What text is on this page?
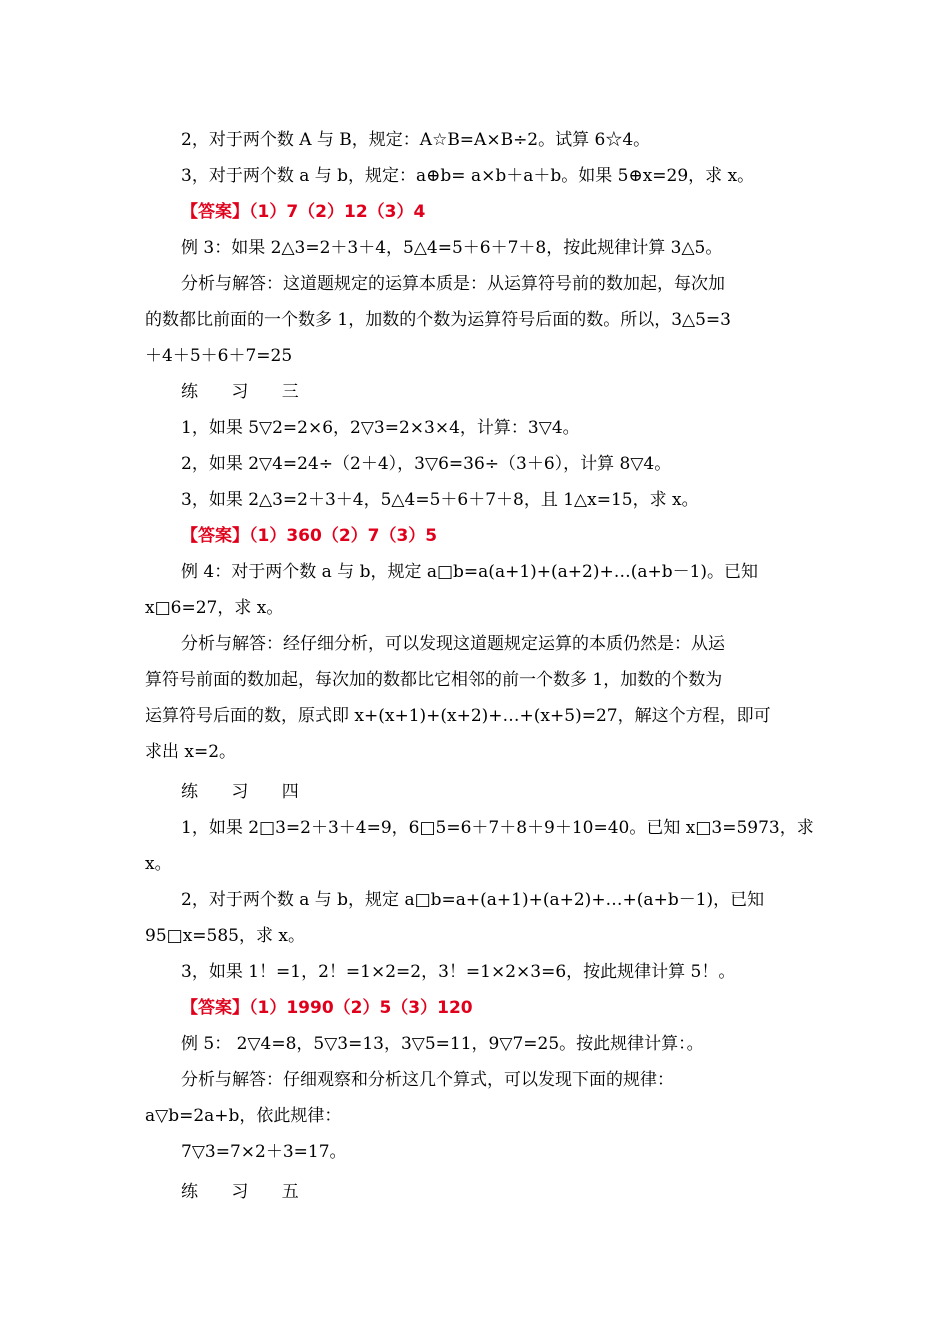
2，对于两个数 A 与 B，规定：A☆B=A×B÷2。试算 6☆4。
3，对于两个数 a 与 b，规定：a⊕b= a×b＋a＋b。如果 5⊕x=29，求 x。
【答案】（1）7（2）12（3）4
例 3：如果 2△3=2＋3＋4，5△4=5＋6＋7＋8，按此规律计算 3△5。
分析与解答：这道题规定的运算本质是：从运算符号前的数加起，每次加
的数都比前面的一个数多 1，加数的个数为运算符号后面的数。所以，3△5=3
＋4＋5＋6＋7=25
练 习 三
1，如果 5▽2=2×6，2▽3=2×3×4，计算：3▽4。
2，如果 2▽4=24÷（2＋4），3▽6=36÷（3＋6），计算 8▽4。
3，如果 2△3=2＋3＋4，5△4=5＋6＋7＋8，且 1△x=15，求 x。
【答案】（1）360（2）7（3）5
例 4：对于两个数 a 与 b，规定 a□b=a(a+1)+(a+2)+…(a+b－1)。已知
x□6=27，求 x。
分析与解答：经仔细分析，可以发现这道题规定运算的本质仍然是：从运
算符号前面的数加起，每次加的数都比它相邻的前一个数多 1，加数的个数为
运算符号后面的数，原式即 x+(x+1)+(x+2)+…+(x+5)=27，解这个方程，即可
求出 x=2。
练 习 四
1，如果 2□3=2＋3＋4=9，6□5=6＋7＋8＋9＋10=40。已知 x□3=5973，求
x。
2，对于两个数 a 与 b，规定 a□b=a+(a+1)+(a+2)+…+(a+b－1)，已知
95□x=585，求 x。
3，如果 1！=1，2！=1×2=2，3！=1×2×3=6，按此规律计算 5！。
【答案】（1）1990（2）5（3）120
例 5： 2▽4=8，5▽3=13，3▽5=11，9▽7=25。按此规律计算：。
分析与解答：仔细观察和分析这几个算式，可以发现下面的规律：
a▽b=2a+b，依此规律：
7▽3=7×2＋3=17。
练 习 五
